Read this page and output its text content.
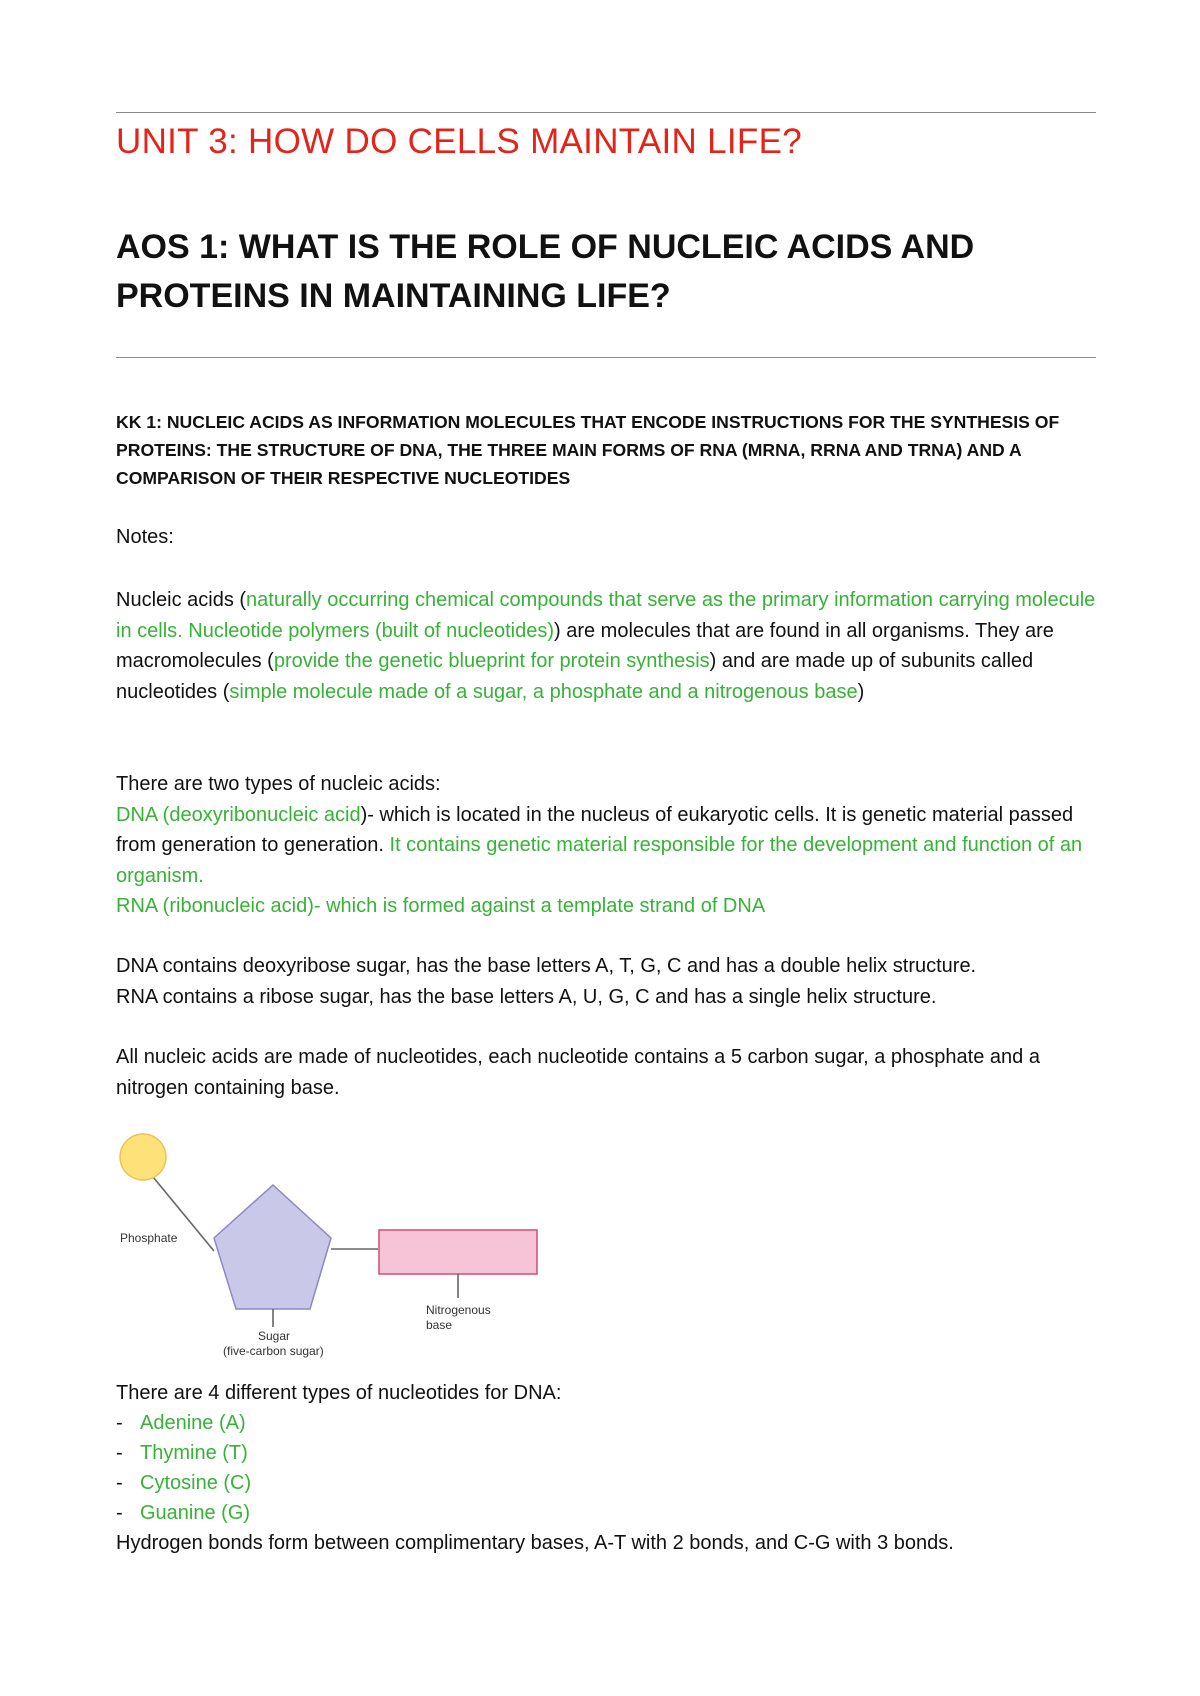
UNIT 3: HOW DO CELLS MAINTAIN LIFE?
AOS 1: WHAT IS THE ROLE OF NUCLEIC ACIDS AND PROTEINS IN MAINTAINING LIFE?
KK 1: NUCLEIC ACIDS AS INFORMATION MOLECULES THAT ENCODE INSTRUCTIONS FOR THE SYNTHESIS OF PROTEINS: THE STRUCTURE OF DNA, THE THREE MAIN FORMS OF RNA (MRNA, RRNA AND TRNA) AND A COMPARISON OF THEIR RESPECTIVE NUCLEOTIDES
Notes:
Nucleic acids (naturally occurring chemical compounds that serve as the primary information carrying molecule in cells. Nucleotide polymers (built of nucleotides)) are molecules that are found in all organisms. They are macromolecules (provide the genetic blueprint for protein synthesis) and are made up of subunits called nucleotides (simple molecule made of a sugar, a phosphate and a nitrogenous base)
There are two types of nucleic acids:
DNA (deoxyribonucleic acid)- which is located in the nucleus of eukaryotic cells. It is genetic material passed from generation to generation. It contains genetic material responsible for the development and function of an organism.
RNA (ribonucleic acid)- which is formed against a template strand of DNA
DNA contains deoxyribose sugar, has the base letters A, T, G, C and has a double helix structure.
RNA contains a ribose sugar, has the base letters A, U, G, C and has a single helix structure.
All nucleic acids are made of nucleotides, each nucleotide contains a 5 carbon sugar, a phosphate and a nitrogen containing base.
There are 4 different types of nucleotides for DNA:
- Adenine (A)
- Thymine (T)
- Cytosine (C)
- Guanine (G)
Hydrogen bonds form between complimentary bases, A-T with 2 bonds, and C-G with 3 bonds.
Phosphate
Sugar
(five-carbon sugar)
Nitrogenous
base
